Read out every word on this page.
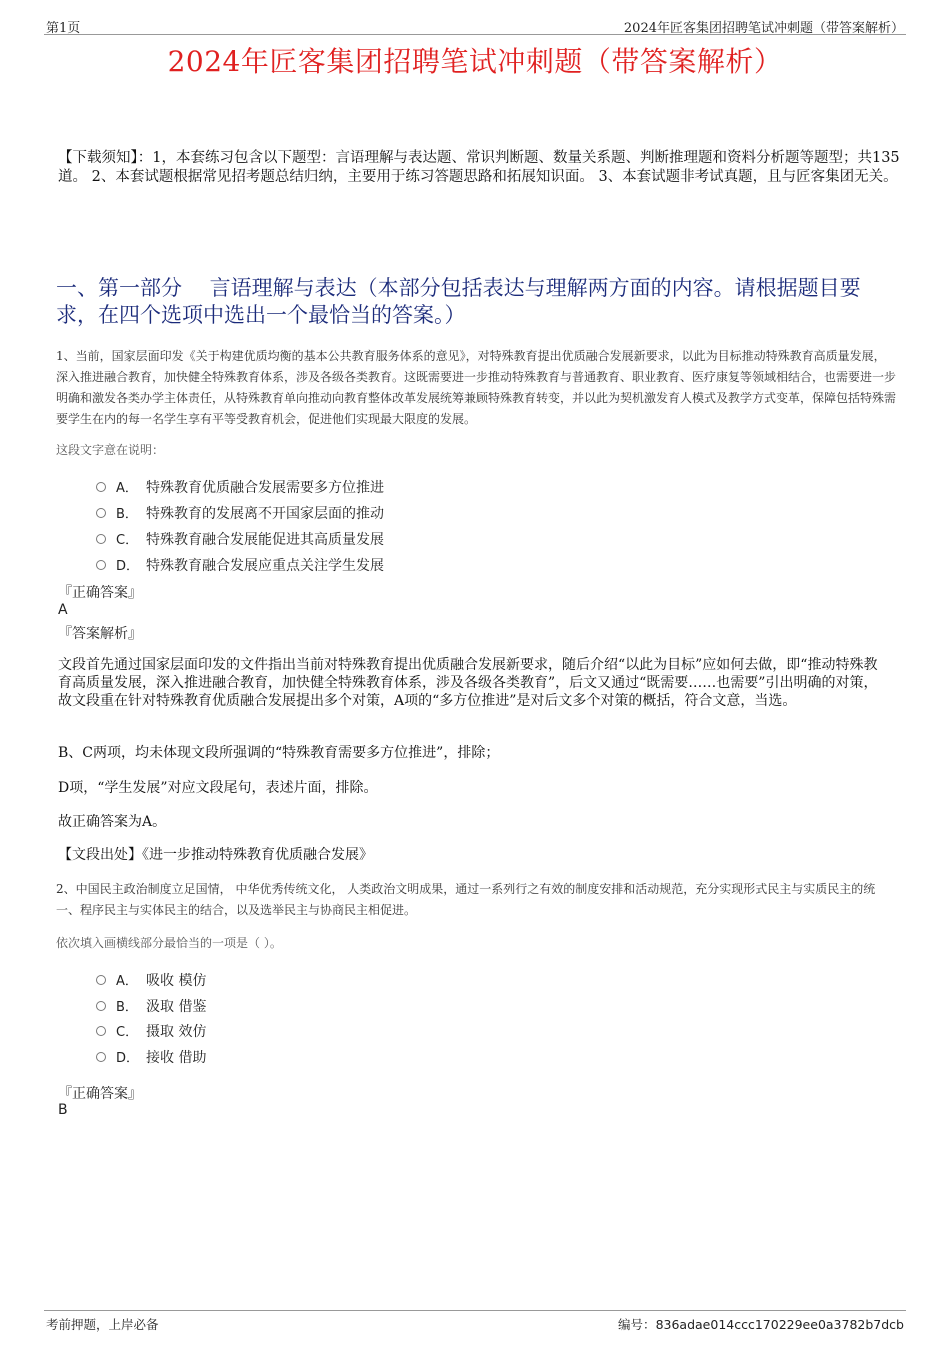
第1页	2024年匠客集团招聘笔试冲刺题（带答案解析）
2024年匠客集团招聘笔试冲刺题（带答案解析）
【下载须知】：1，本套练习包含以下题型：言语理解与表达题、常识判断题、数量关系题、判断推理题和资料分析题等题型；共135道。 2、本套试题根据常见招考题总结归纳，主要用于练习答题思路和拓展知识面。 3、本套试题非考试真题，且与匠客集团无关。
一、第一部分　 言语理解与表达（本部分包括表达与理解两方面的内容。请根据题目要求，在四个选项中选出一个最恰当的答案。）
1、当前，国家层面印发《关于构建优质均衡的基本公共教育服务体系的意见》，对特殊教育提出优质融合发展新要求，以此为目标推动特殊教育高质量发展，深入推进融合教育，加快健全特殊教育体系，涉及各级各类教育。这既需要进一步推动特殊教育与普通教育、职业教育、医疗康复等领域相结合，也需要进一步明确和激发各类办学主体责任，从特殊教育单向推动向教育整体改革发展统筹兼顾特殊教育转变，并以此为契机激发育人模式及教学方式变革，保障包括特殊需要学生在内的每一名学生享有平等受教育机会，促进他们实现最大限度的发展。
这段文字意在说明：
A． 特殊教育优质融合发展需要多方位推进
B． 特殊教育的发展离不开国家层面的推动
C． 特殊教育融合发展能促进其高质量发展
D． 特殊教育融合发展应重点关注学生发展
『正确答案』
A
『答案解析』
文段首先通过国家层面印发的文件指出当前对特殊教育提出优质融合发展新要求，随后介绍“以此为目标”应如何去做，即“推动特殊教育高质量发展，深入推进融合教育，加快健全特殊教育体系，涉及各级各类教育”，后文又通过“既需要……也需要”引出明确的对策，故文段重在针对特殊教育优质融合发展提出多个对策，A项的“多方位推进”是对后文多个对策的概括，符合文意，当选。
B、C两项，均未体现文段所强调的“特殊教育需要多方位推进”，排除；
D项，“学生发展”对应文段尾句，表述片面，排除。
故正确答案为A。
【文段出处】《进一步推动特殊教育优质融合发展》
2、中国民主政治制度立足国情， 中华优秀传统文化， 人类政治文明成果，通过一系列行之有效的制度安排和活动规范，充分实现形式民主与实质民主的统一、程序民主与实体民主的结合，以及选举民主与协商民主相促进。
依次填入画横线部分最恰当的一项是（ ）。
A． 吸收 模仿
B． 汲取 借鉴
C． 摄取 效仿
D． 接收 借助
『正确答案』
B
考前押题，上岸必备	编号：836adae014ccc170229ee0a3782b7dcb
